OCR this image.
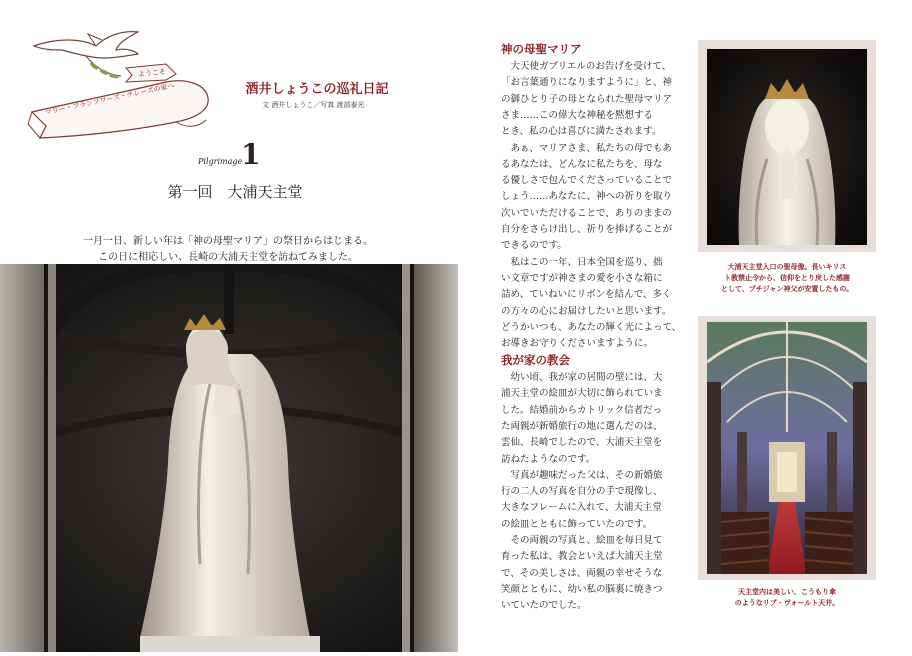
ようこそ
マリー・フランソワーズ・テレーズの家へ	酒井しょうこの巡礼日記
文 酒井しょうこ／写真 渡部泰光
Pilgrimage
1
第一回　大浦天主堂
一月一日、新しい年は「神の母聖マリア」の祭日からはじまる。
この日に相応しい、長崎の大浦天主堂を訪ねてみました。
大浦天主堂入口の聖母像。長いキリス
ト教禁止令から、信仰をとり戻した感謝
として、プチジャン神父が安置したもの。
天主堂内は美しい、こうもり傘
のようなリブ・ヴォールト天井。
神の母聖マリア
我が家の教会
　大天使ガブリエルのお告げを受けて、
「お言葉通りになりますように」と、神
の御ひとり子の母となられた聖母マリア
さま……この偉大な神秘を黙想する
とき、私の心は喜びに満たされます。
　あぁ、マリアさま、私たちの母でもあ
るあなたは、どんなに私たちを、母な
る優しさで包んでくださっていることで
しょう……あなたに、神への祈りを取り
次いでいただけることで、ありのままの
自分をさらけ出し、祈りを捧げることが
できるのです。
　私はこの一年、日本全国を巡り、拙
い文章ですが神さまの愛を小さな箱に
詰め、ていねいにリボンを結んで、多く
の方々の心にお届けしたいと思います。
どうかいつも、あなたの輝く光によって、
お導きお守りくださいますように。
　幼い頃、我が家の居間の壁には、大
浦天主堂の絵皿が大切に飾られていま
した。結婚前からカトリック信者だっ
た両親が新婚旅行の地に選んだのは、
雲仙、長崎でしたので、大浦天主堂を
訪ねたようなのです。
　写真が趣味だった父は、その新婚旅
行の二人の写真を自分の手で現像し、
大きなフレームに入れて、大浦天主堂
の絵皿とともに飾っていたのです。
　その両親の写真と、絵皿を毎日見て
育った私は、教会といえば大浦天主堂
で、その美しさは、両親の幸せそうな
笑顔とともに、幼い私の脳裏に焼きつ
いていたのでした。
